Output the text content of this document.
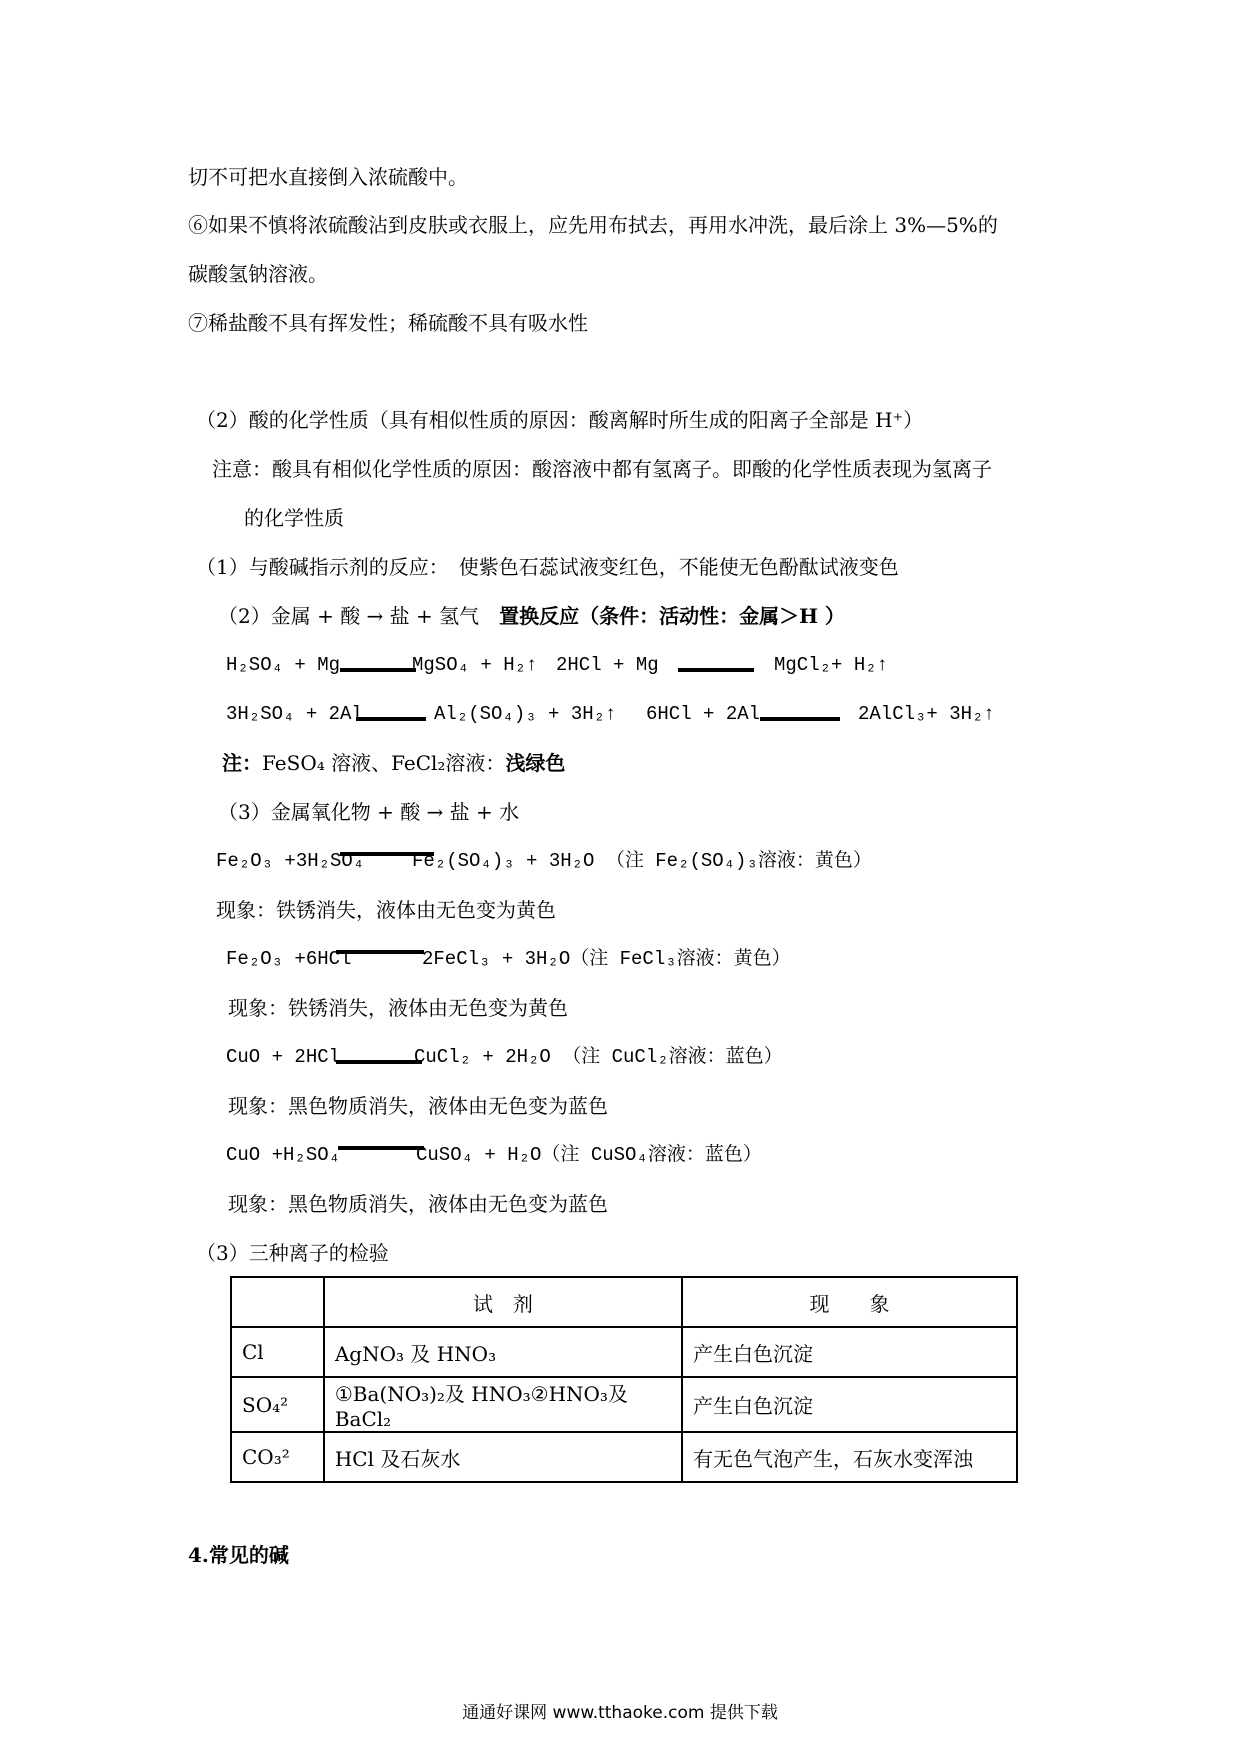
切不可把水直接倒入浓硫酸中。
⑥如果不慎将浓硫酸沾到皮肤或衣服上，应先用布拭去，再用水冲洗，最后涂上 3%—5%的
碳酸氢钠溶液。
⑦稀盐酸不具有挥发性；稀硫酸不具有吸水性
（2）酸的化学性质（具有相似性质的原因：酸离解时所生成的阳离子全部是 H⁺）
注意：酸具有相似化学性质的原因：酸溶液中都有氢离子。即酸的化学性质表现为氢离子
的化学性质
（1）与酸碱指示剂的反应：　使紫色石蕊试液变红色，不能使无色酚酞试液变色
（2）金属 + 酸 → 盐 + 氢气　置换反应（条件：活动性：金属＞H ）
H₂SO₄ + Mg	MgSO₄ + H₂↑ 2HCl + Mg	MgCl₂+ H₂↑
3H₂SO₄ + 2Al	Al₂(SO₄)₃ + 3H₂↑ 6HCl + 2Al	2AlCl₃+ 3H₂↑
注：FeSO₄ 溶液、FeCl₂溶液：浅绿色
（3）金属氧化物 + 酸 → 盐 + 水
Fe₂O₃ +3H₂SO₄	Fe₂(SO₄)₃ + 3H₂O （注 Fe₂(SO₄)₃溶液：黄色）
现象：铁锈消失，液体由无色变为黄色
Fe₂O₃ +6HCl	2FeCl₃ + 3H₂O（注 FeCl₃溶液：黄色）
现象：铁锈消失，液体由无色变为黄色
CuO + 2HCl	CuCl₂ + 2H₂O （注 CuCl₂溶液：蓝色）
现象：黑色物质消失，液体由无色变为蓝色
CuO +H₂SO₄	CuSO₄ + H₂O（注 CuSO₄溶液：蓝色）
现象：黑色物质消失，液体由无色变为蓝色
（3）三种离子的检验
	试　剂	现　　象
Cl	AgNO₃ 及 HNO₃	产生白色沉淀
SO₄²	①Ba(NO₃)₂及 HNO₃②HNO₃及 BaCl₂	产生白色沉淀
CO₃²	HCl 及石灰水	有无色气泡产生，石灰水变浑浊
4.常见的碱
通通好课网 www.tthaoke.com 提供下载
